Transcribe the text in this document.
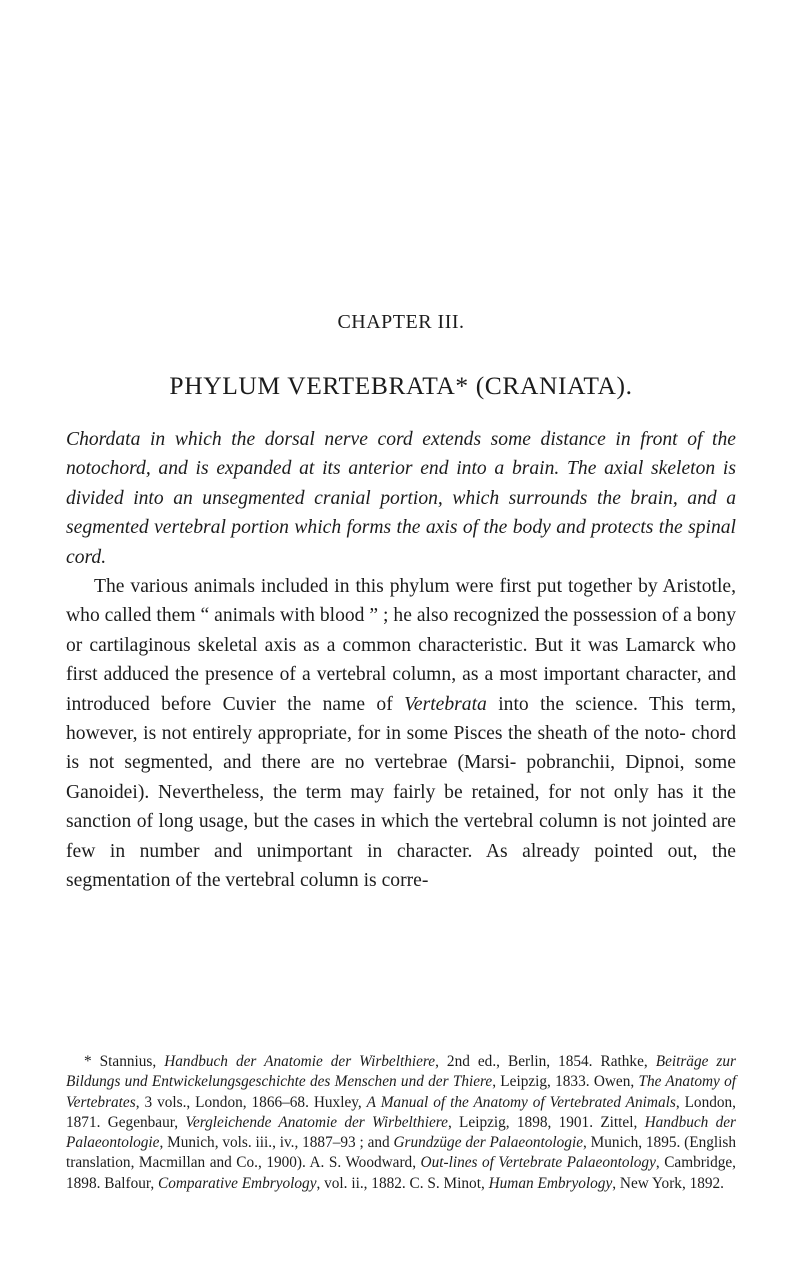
CHAPTER III.
PHYLUM VERTEBRATA* (CRANIATA).

Chordata in which the dorsal nerve cord extends some distance in front of the notochord, and is expanded at its anterior end into a brain. The axial skeleton is divided into an unsegmented cranial portion, which surrounds the brain, and a segmented vertebral portion which forms the axis of the body and protects the spinal cord.

The various animals included in this phylum were first put together by Aristotle, who called them “ animals with blood ” ; he also recognized the possession of a bony or cartilaginous skeletal axis as a common characteristic. But it was Lamarck who first adduced the presence of a vertebral column, as a most important character, and introduced before Cuvier the name of Vertebrata into the science. This term, however, is not entirely appropriate, for in some Pisces the sheath of the noto- chord is not segmented, and there are no vertebrae (Marsi- pobranchii, Dipnoi, some Ganoidei). Nevertheless, the term may fairly be retained, for not only has it the sanction of long usage, but the cases in which the vertebral column is not jointed are few in number and unimportant in character. As already pointed out, the segmentation of the vertebral column is corre-

* Stannius, Handbuch der Anatomie der Wirbelthiere, 2nd ed., Berlin, 1854. Rathke, Beiträge zur Bildungs und Entwickelungsgeschichte des Menschen und der Thiere, Leipzig, 1833. Owen, The Anatomy of Vertebrates, 3 vols., London, 1866–68. Huxley, A Manual of the Anatomy of Vertebrated Animals, London, 1871. Gegenbaur, Vergleichende Anatomie der Wirbelthiere, Leipzig, 1898, 1901. Zittel, Handbuch der Palaeontologie, Munich, vols. iii., iv., 1887–93 ; and Grundzüge der Palaeontologie, Munich, 1895. (English translation, Macmillan and Co., 1900). A. S. Woodward, Out-lines of Vertebrate Palaeontology, Cambridge, 1898. Balfour, Comparative Embryology, vol. ii., 1882. C. S. Minot, Human Embryology, New York, 1892.
